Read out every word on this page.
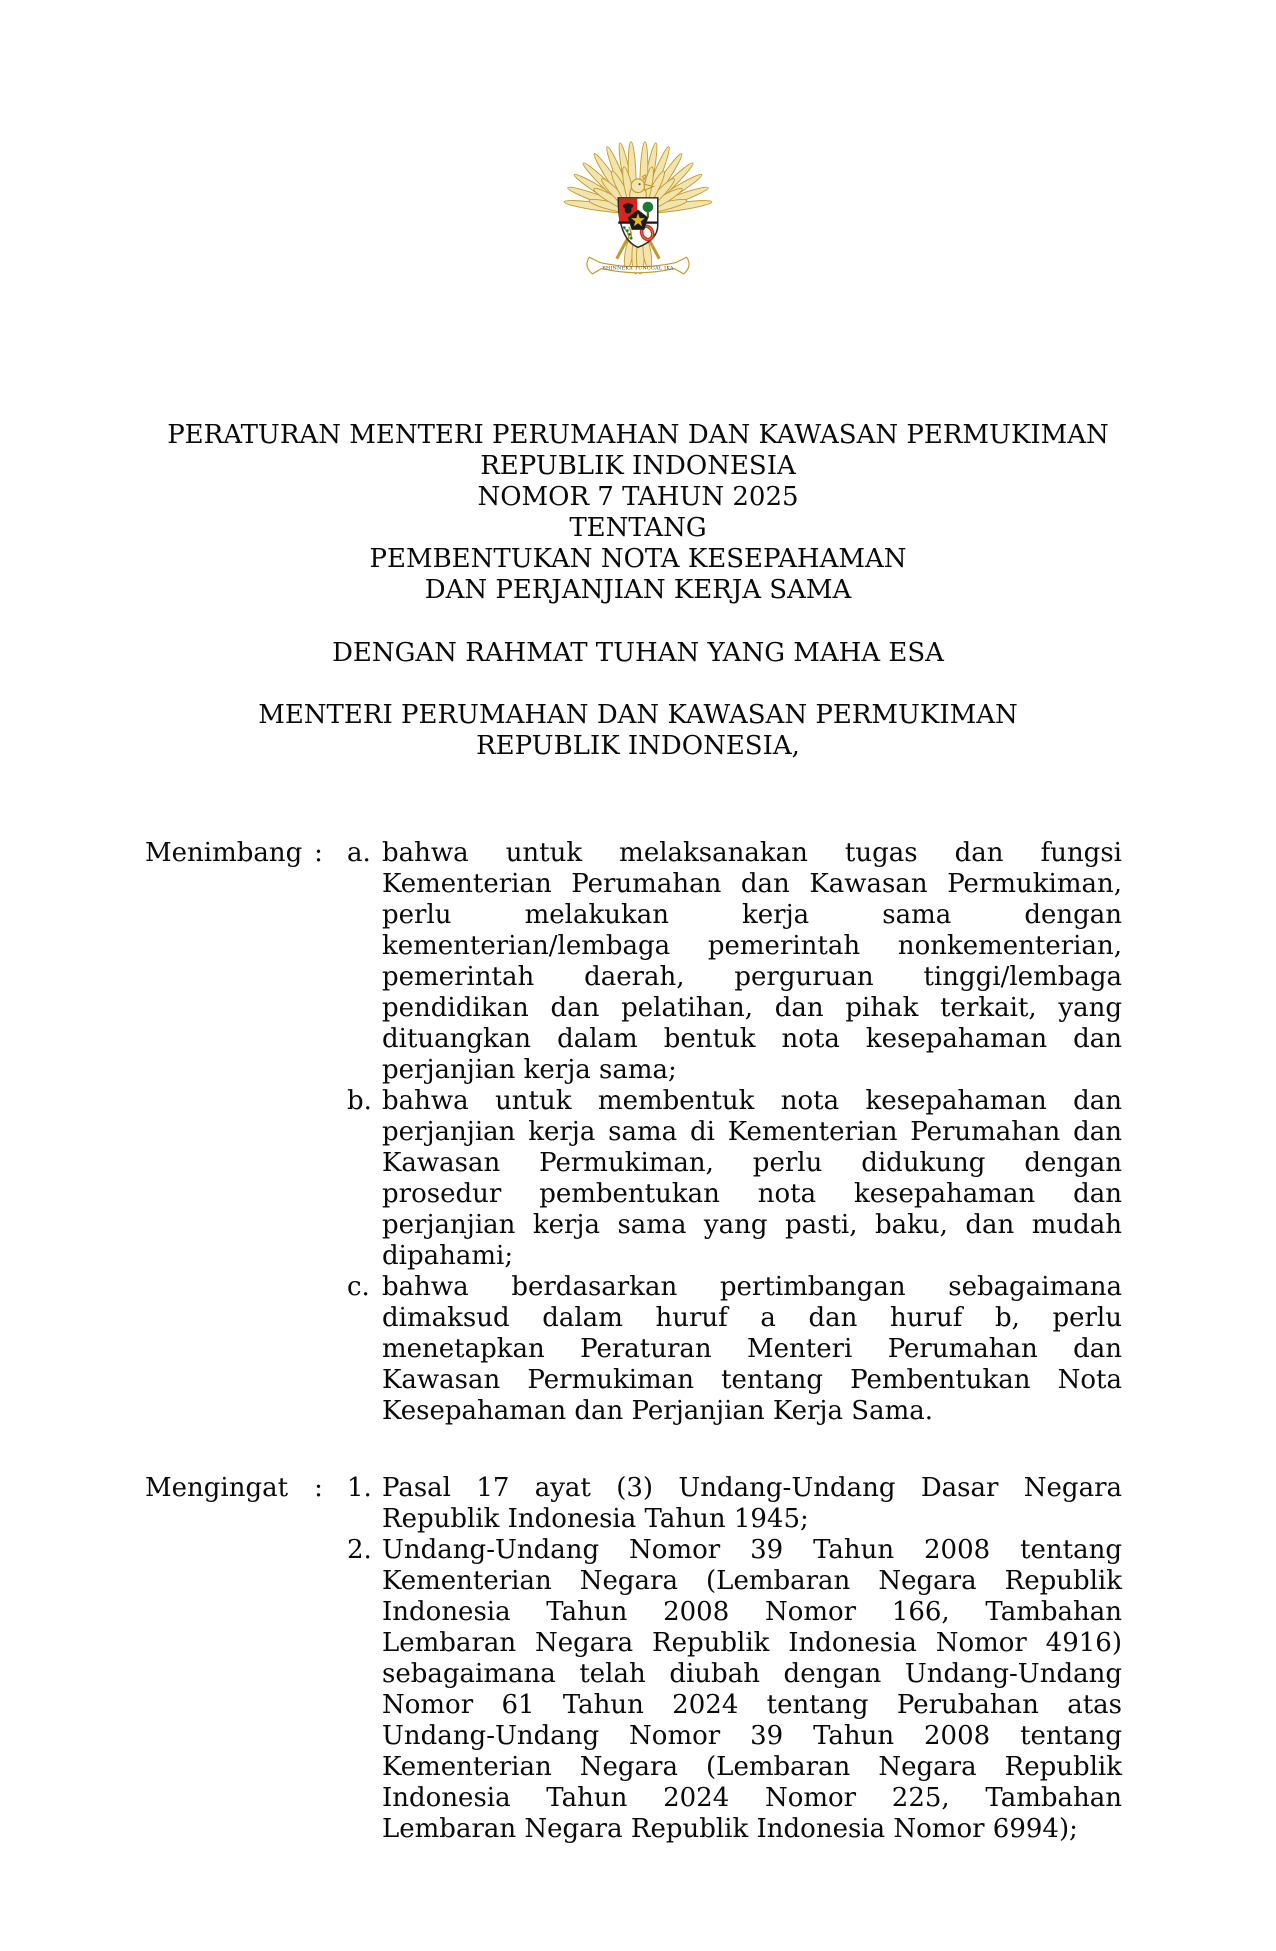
BHINNEKA TUNGGAL IKA
PERATURAN MENTERI PERUMAHAN DAN KAWASAN PERMUKIMAN
REPUBLIK INDONESIA
NOMOR 7 TAHUN 2025
TENTANG
PEMBENTUKAN NOTA KESEPAHAMAN
DAN PERJANJIAN KERJA SAMA
DENGAN RAHMAT TUHAN YANG MAHA ESA
MENTERI PERUMAHAN DAN KAWASAN PERMUKIMAN
REPUBLIK INDONESIA,
Menimbang : a. bahwa untuk melaksanakan tugas dan fungsi Kementerian Perumahan dan Kawasan Permukiman, perlu melakukan kerja sama dengan kementerian/lembaga pemerintah nonkementerian, pemerintah daerah, perguruan tinggi/lembaga pendidikan dan pelatihan, dan pihak terkait, yang dituangkan dalam bentuk nota kesepahaman dan perjanjian kerja sama;
b. bahwa untuk membentuk nota kesepahaman dan perjanjian kerja sama di Kementerian Perumahan dan Kawasan Permukiman, perlu didukung dengan prosedur pembentukan nota kesepahaman dan perjanjian kerja sama yang pasti, baku, dan mudah dipahami;
c. bahwa berdasarkan pertimbangan sebagaimana dimaksud dalam huruf a dan huruf b, perlu menetapkan Peraturan Menteri Perumahan dan Kawasan Permukiman tentang Pembentukan Nota Kesepahaman dan Perjanjian Kerja Sama.
Mengingat	: 1. Pasal 17 ayat (3) Undang-Undang Dasar Negara Republik Indonesia Tahun 1945;
2. Undang-Undang Nomor 39 Tahun 2008 tentang Kementerian Negara (Lembaran Negara Republik Indonesia Tahun 2008 Nomor 166, Tambahan Lembaran Negara Republik Indonesia Nomor 4916) sebagaimana telah diubah dengan Undang-Undang Nomor 61 Tahun 2024 tentang Perubahan atas Undang-Undang Nomor 39 Tahun 2008 tentang Kementerian Negara (Lembaran Negara Republik Indonesia Tahun 2024 Nomor 225, Tambahan Lembaran Negara Republik Indonesia Nomor 6994);
